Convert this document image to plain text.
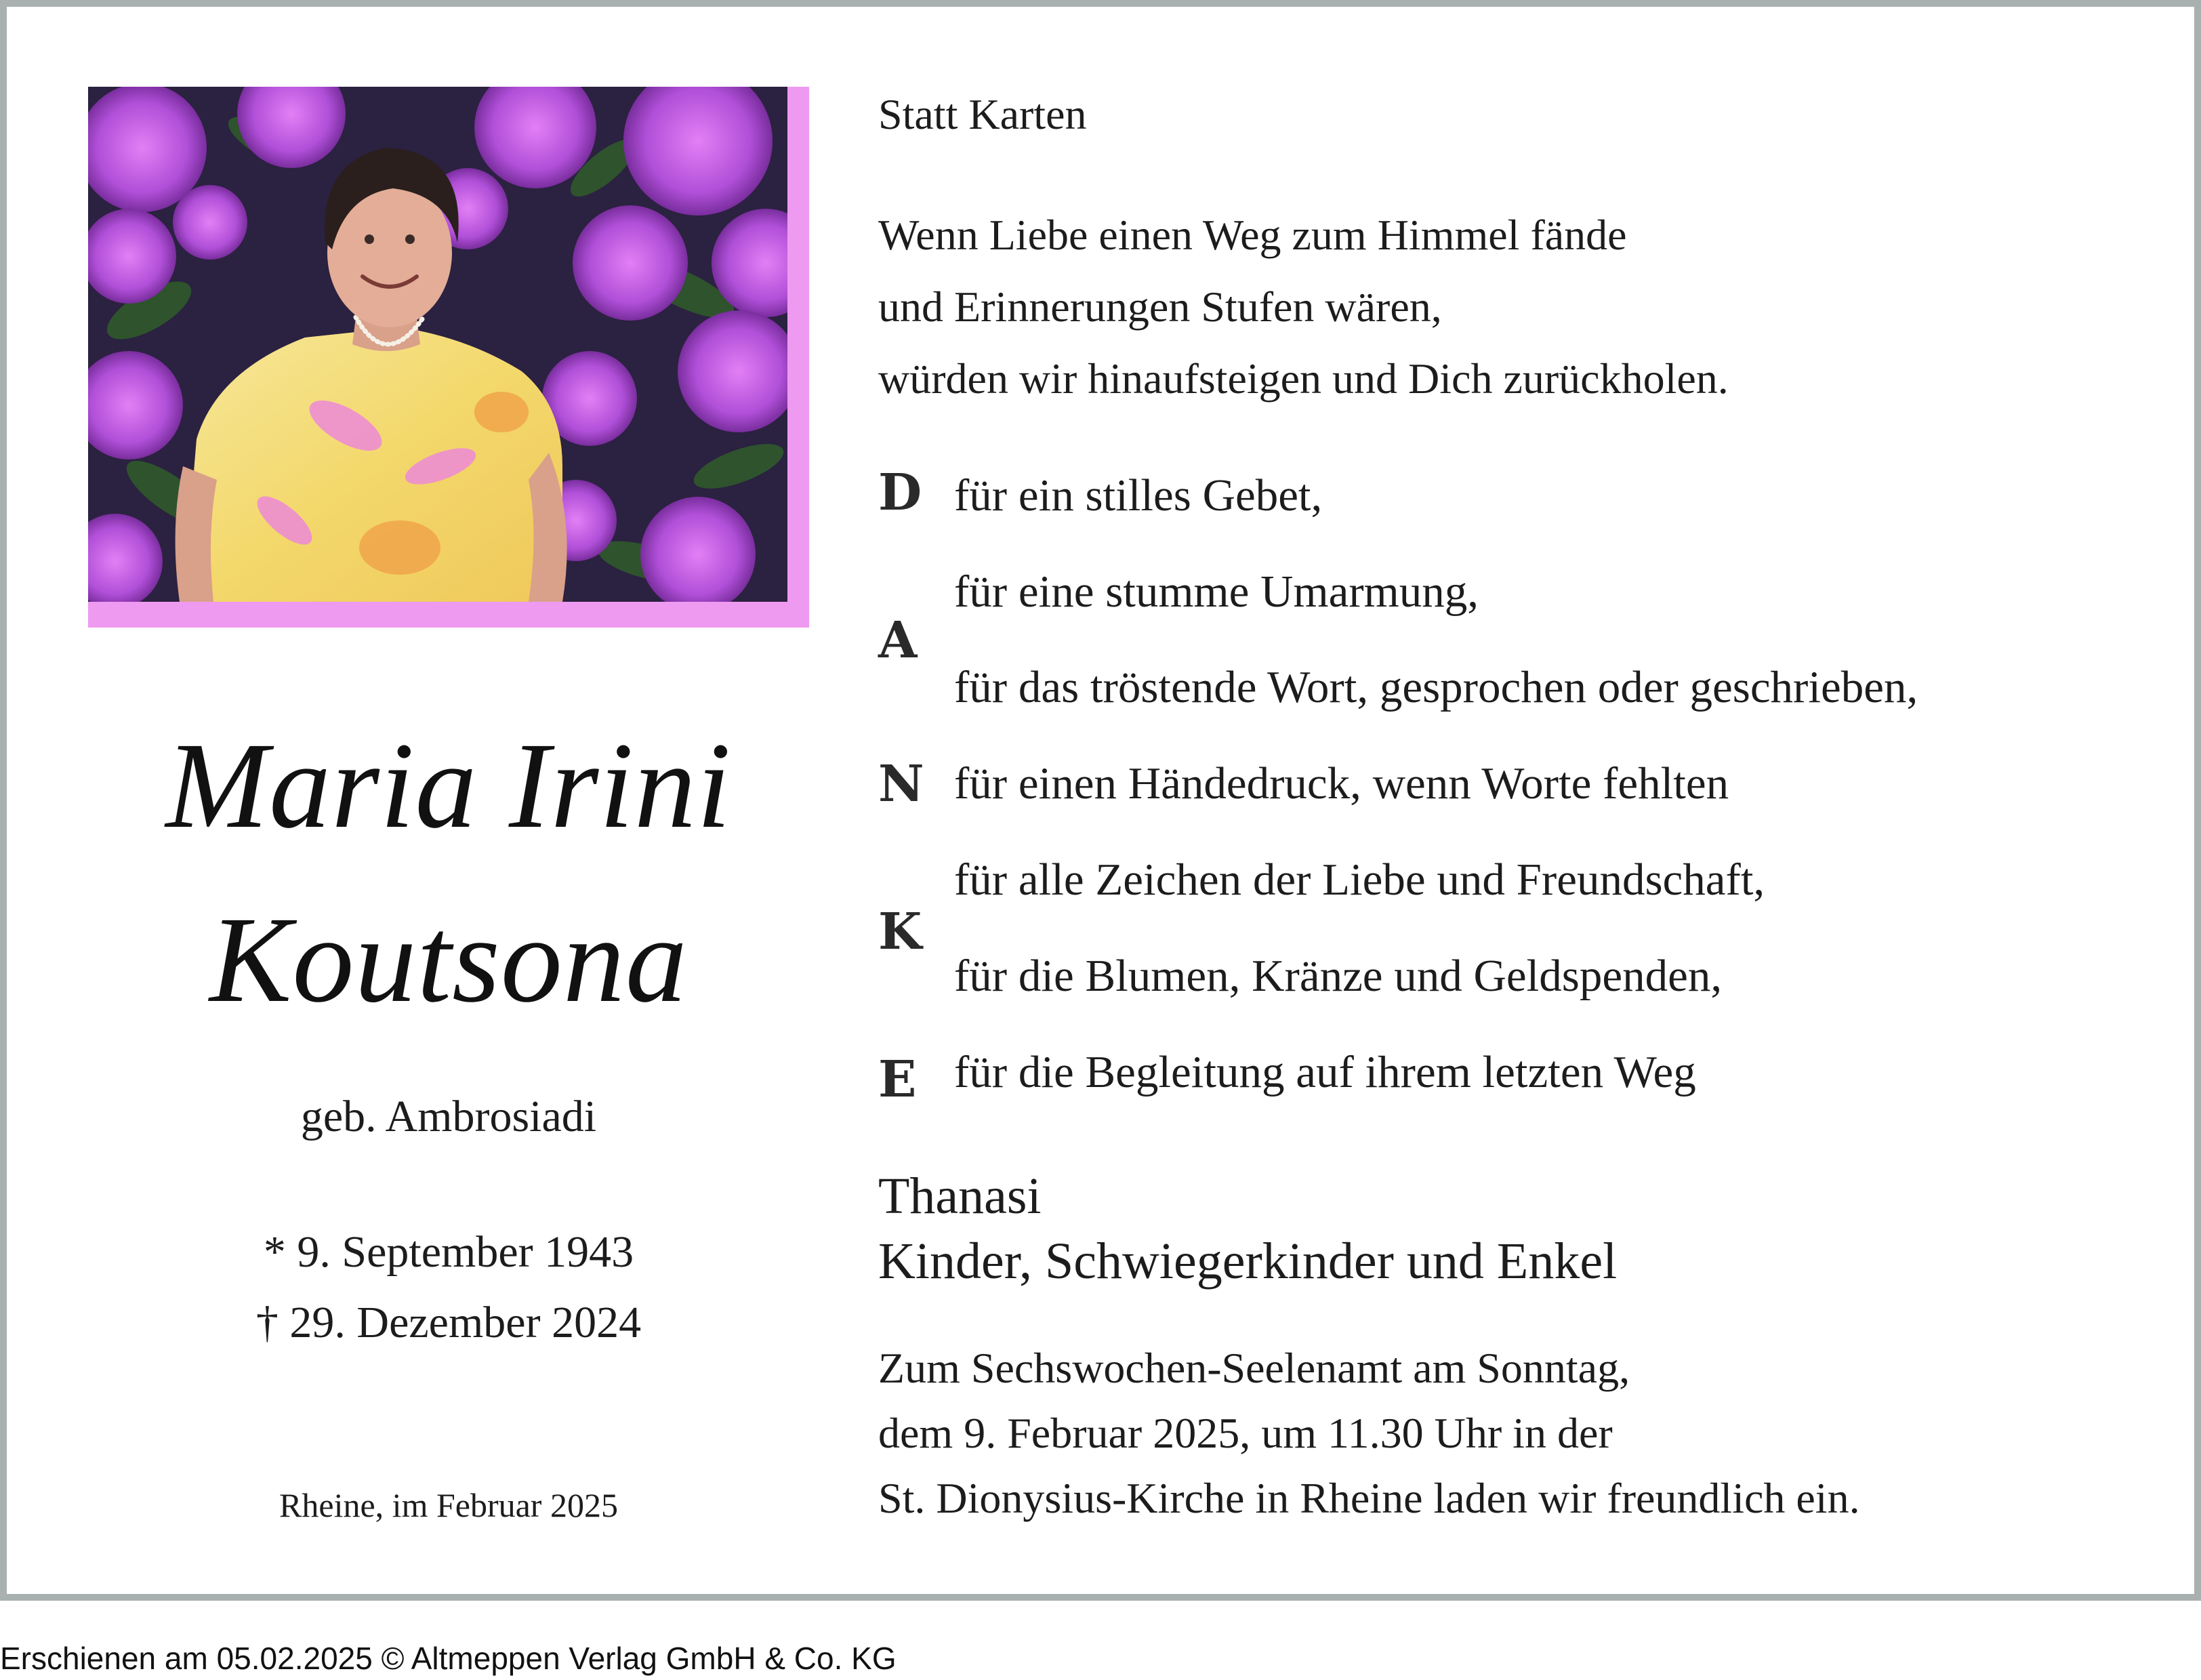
Maria Irini
Koutsona
geb. Ambrosiadi
* 9. September 1943
† 29. Dezember 2024
Rheine, im Februar 2025
Statt Karten
Wenn Liebe einen Weg zum Himmel fände
und Erinnerungen Stufen wären,
würden wir hinaufsteigen und Dich zurückholen.
D
A
N
K
E
für ein stilles Gebet,
für eine stumme Umarmung,
für das tröstende Wort, gesprochen oder geschrieben,
für einen Händedruck, wenn Worte fehlten
für alle Zeichen der Liebe und Freundschaft,
für die Blumen, Kränze und Geldspenden,
für die Begleitung auf ihrem letzten Weg
Thanasi
Kinder, Schwiegerkinder und Enkel
Zum Sechswochen-Seelenamt am Sonntag,
dem 9. Februar 2025, um 11.30 Uhr in der
St. Dionysius-Kirche in Rheine laden wir freundlich ein.
Erschienen am 05.02.2025 © Altmeppen Verlag GmbH & Co. KG
